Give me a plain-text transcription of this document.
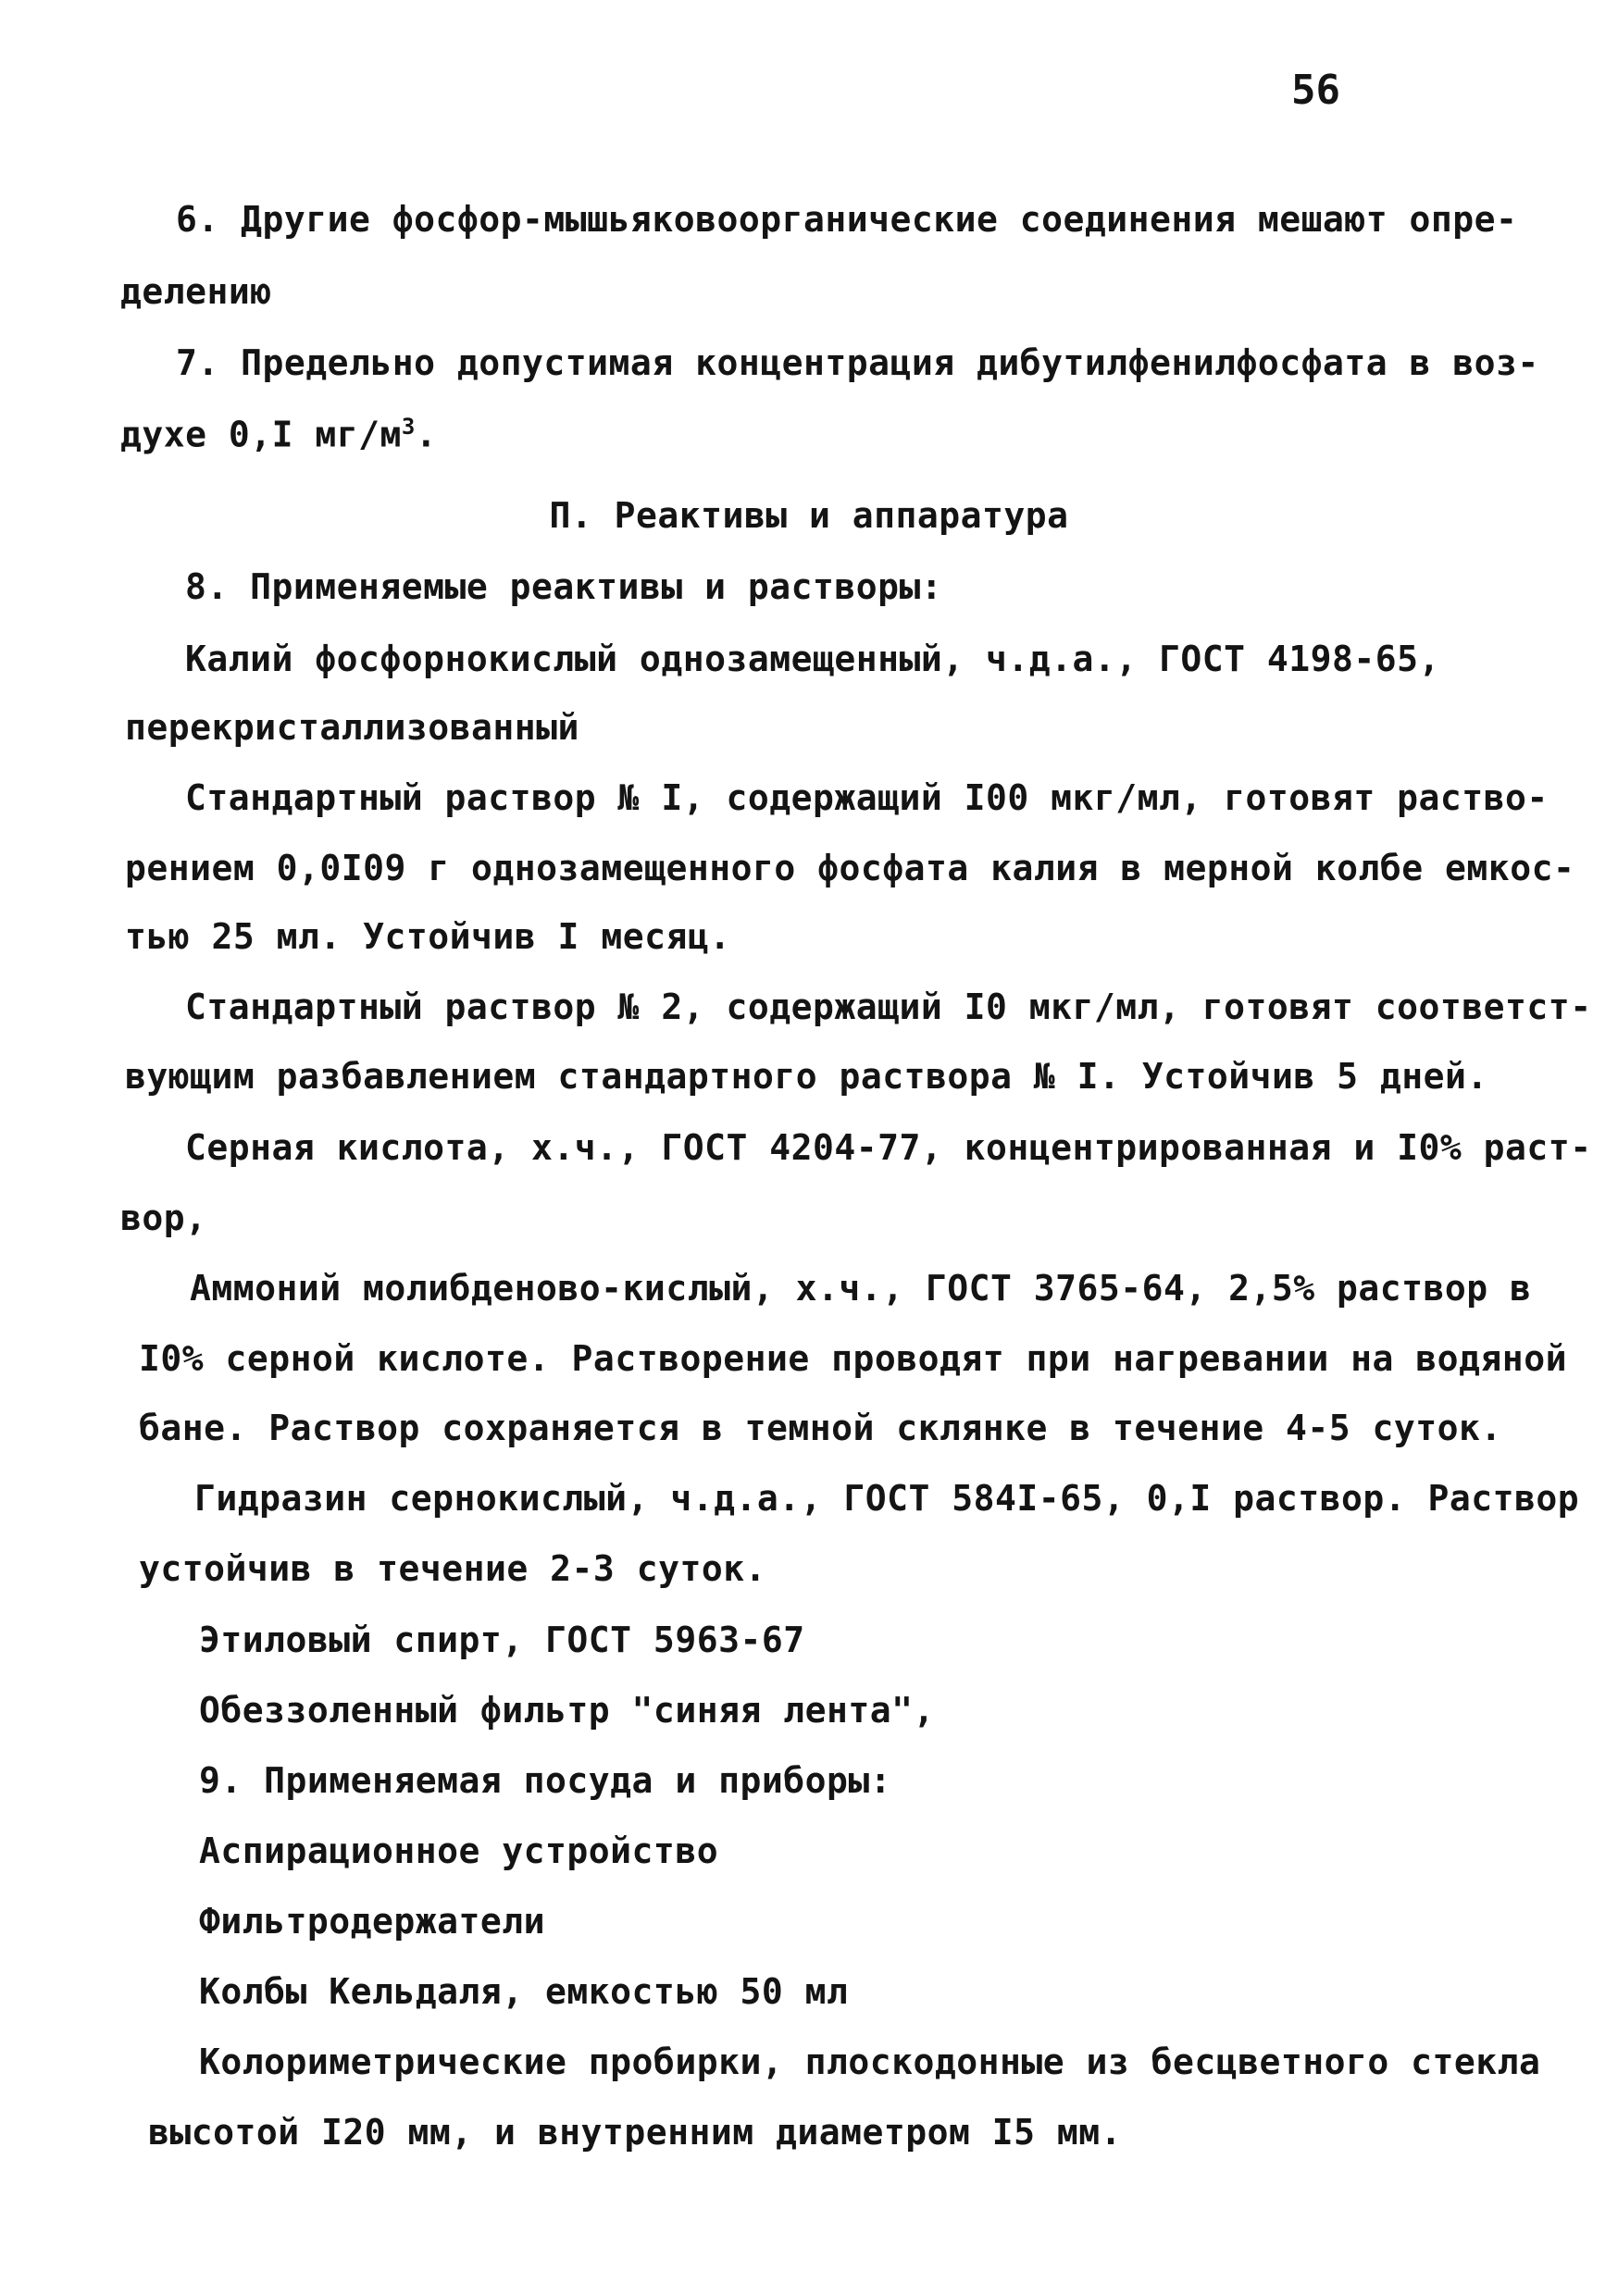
56
6. Другие фосфор-мышьяковоорганические соединения мешают опре-
делению
7. Предельно допустимая концентрация дибутилфенилфосфата в воз-
духе 0,I $мг/м^3$.
П. Реактивы и аппаратура
8. Применяемые реактивы и растворы:
Калий фосфорнокислый однозамещенный, ч.д.а., ГОСТ 4198-65,
перекристаллизованный
Стандартный раствор № I, содержащий I00 мкг/мл, готовят раство-
рением 0,0I09 г однозамещенного фосфата калия в мерной колбе емкос-
тью 25 мл. Устойчив I месяц.
Стандартный раствор № 2, содержащий I0 мкг/мл, готовят соответст-
вующим разбавлением стандартного раствора № I. Устойчив 5 дней.
Серная кислота, х.ч., ГОСТ 4204-77, концентрированная и I0% раст-
вор,
Аммоний молибденово-кислый, х.ч., ГОСТ 3765-64, 2,5% раствор в
I0% серной кислоте. Растворение проводят при нагревании на водяной
бане. Раствор сохраняется в темной склянке в течение 4-5 суток.
Гидразин сернокислый, ч.д.а., ГОСТ 584I-65, 0,I раствор. Раствор
устойчив в течение 2-3 суток.
Этиловый спирт, ГОСТ 5963-67
Обеззоленный фильтр "синяя лента",
9. Применяемая посуда и приборы:
Аспирационное устройство
Фильтродержатели
Колбы Кельдаля, емкостью 50 мл
Колориметрические пробирки, плоскодонные из бесцветного стекла
высотой I20 мм, и внутренним диаметром I5 мм.
